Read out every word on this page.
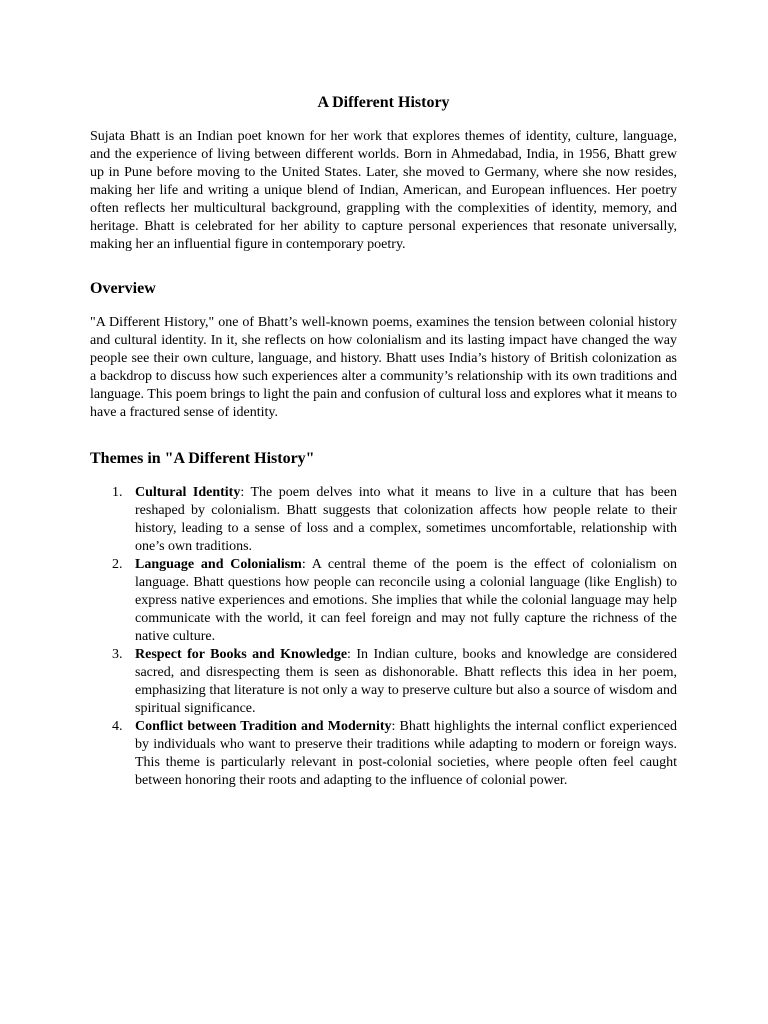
A Different History

Sujata Bhatt is an Indian poet known for her work that explores themes of identity, culture, language, and the experience of living between different worlds. Born in Ahmedabad, India, in 1956, Bhatt grew up in Pune before moving to the United States. Later, she moved to Germany, where she now resides, making her life and writing a unique blend of Indian, American, and European influences. Her poetry often reflects her multicultural background, grappling with the complexities of identity, memory, and heritage. Bhatt is celebrated for her ability to capture personal experiences that resonate universally, making her an influential figure in contemporary poetry.

Overview

"A Different History," one of Bhatt’s well-known poems, examines the tension between colonial history and cultural identity. In it, she reflects on how colonialism and its lasting impact have changed the way people see their own culture, language, and history. Bhatt uses India’s history of British colonization as a backdrop to discuss how such experiences alter a community’s relationship with its own traditions and language. This poem brings to light the pain and confusion of cultural loss and explores what it means to have a fractured sense of identity.

Themes in "A Different History"
1. Cultural Identity: The poem delves into what it means to live in a culture that has been reshaped by colonialism. Bhatt suggests that colonization affects how people relate to their history, leading to a sense of loss and a complex, sometimes uncomfortable, relationship with one’s own traditions.
2. Language and Colonialism: A central theme of the poem is the effect of colonialism on language. Bhatt questions how people can reconcile using a colonial language (like English) to express native experiences and emotions. She implies that while the colonial language may help communicate with the world, it can feel foreign and may not fully capture the richness of the native culture.
3. Respect for Books and Knowledge: In Indian culture, books and knowledge are considered sacred, and disrespecting them is seen as dishonorable. Bhatt reflects this idea in her poem, emphasizing that literature is not only a way to preserve culture but also a source of wisdom and spiritual significance.
4. Conflict between Tradition and Modernity: Bhatt highlights the internal conflict experienced by individuals who want to preserve their traditions while adapting to modern or foreign ways. This theme is particularly relevant in post-colonial societies, where people often feel caught between honoring their roots and adapting to the influence of colonial power.
